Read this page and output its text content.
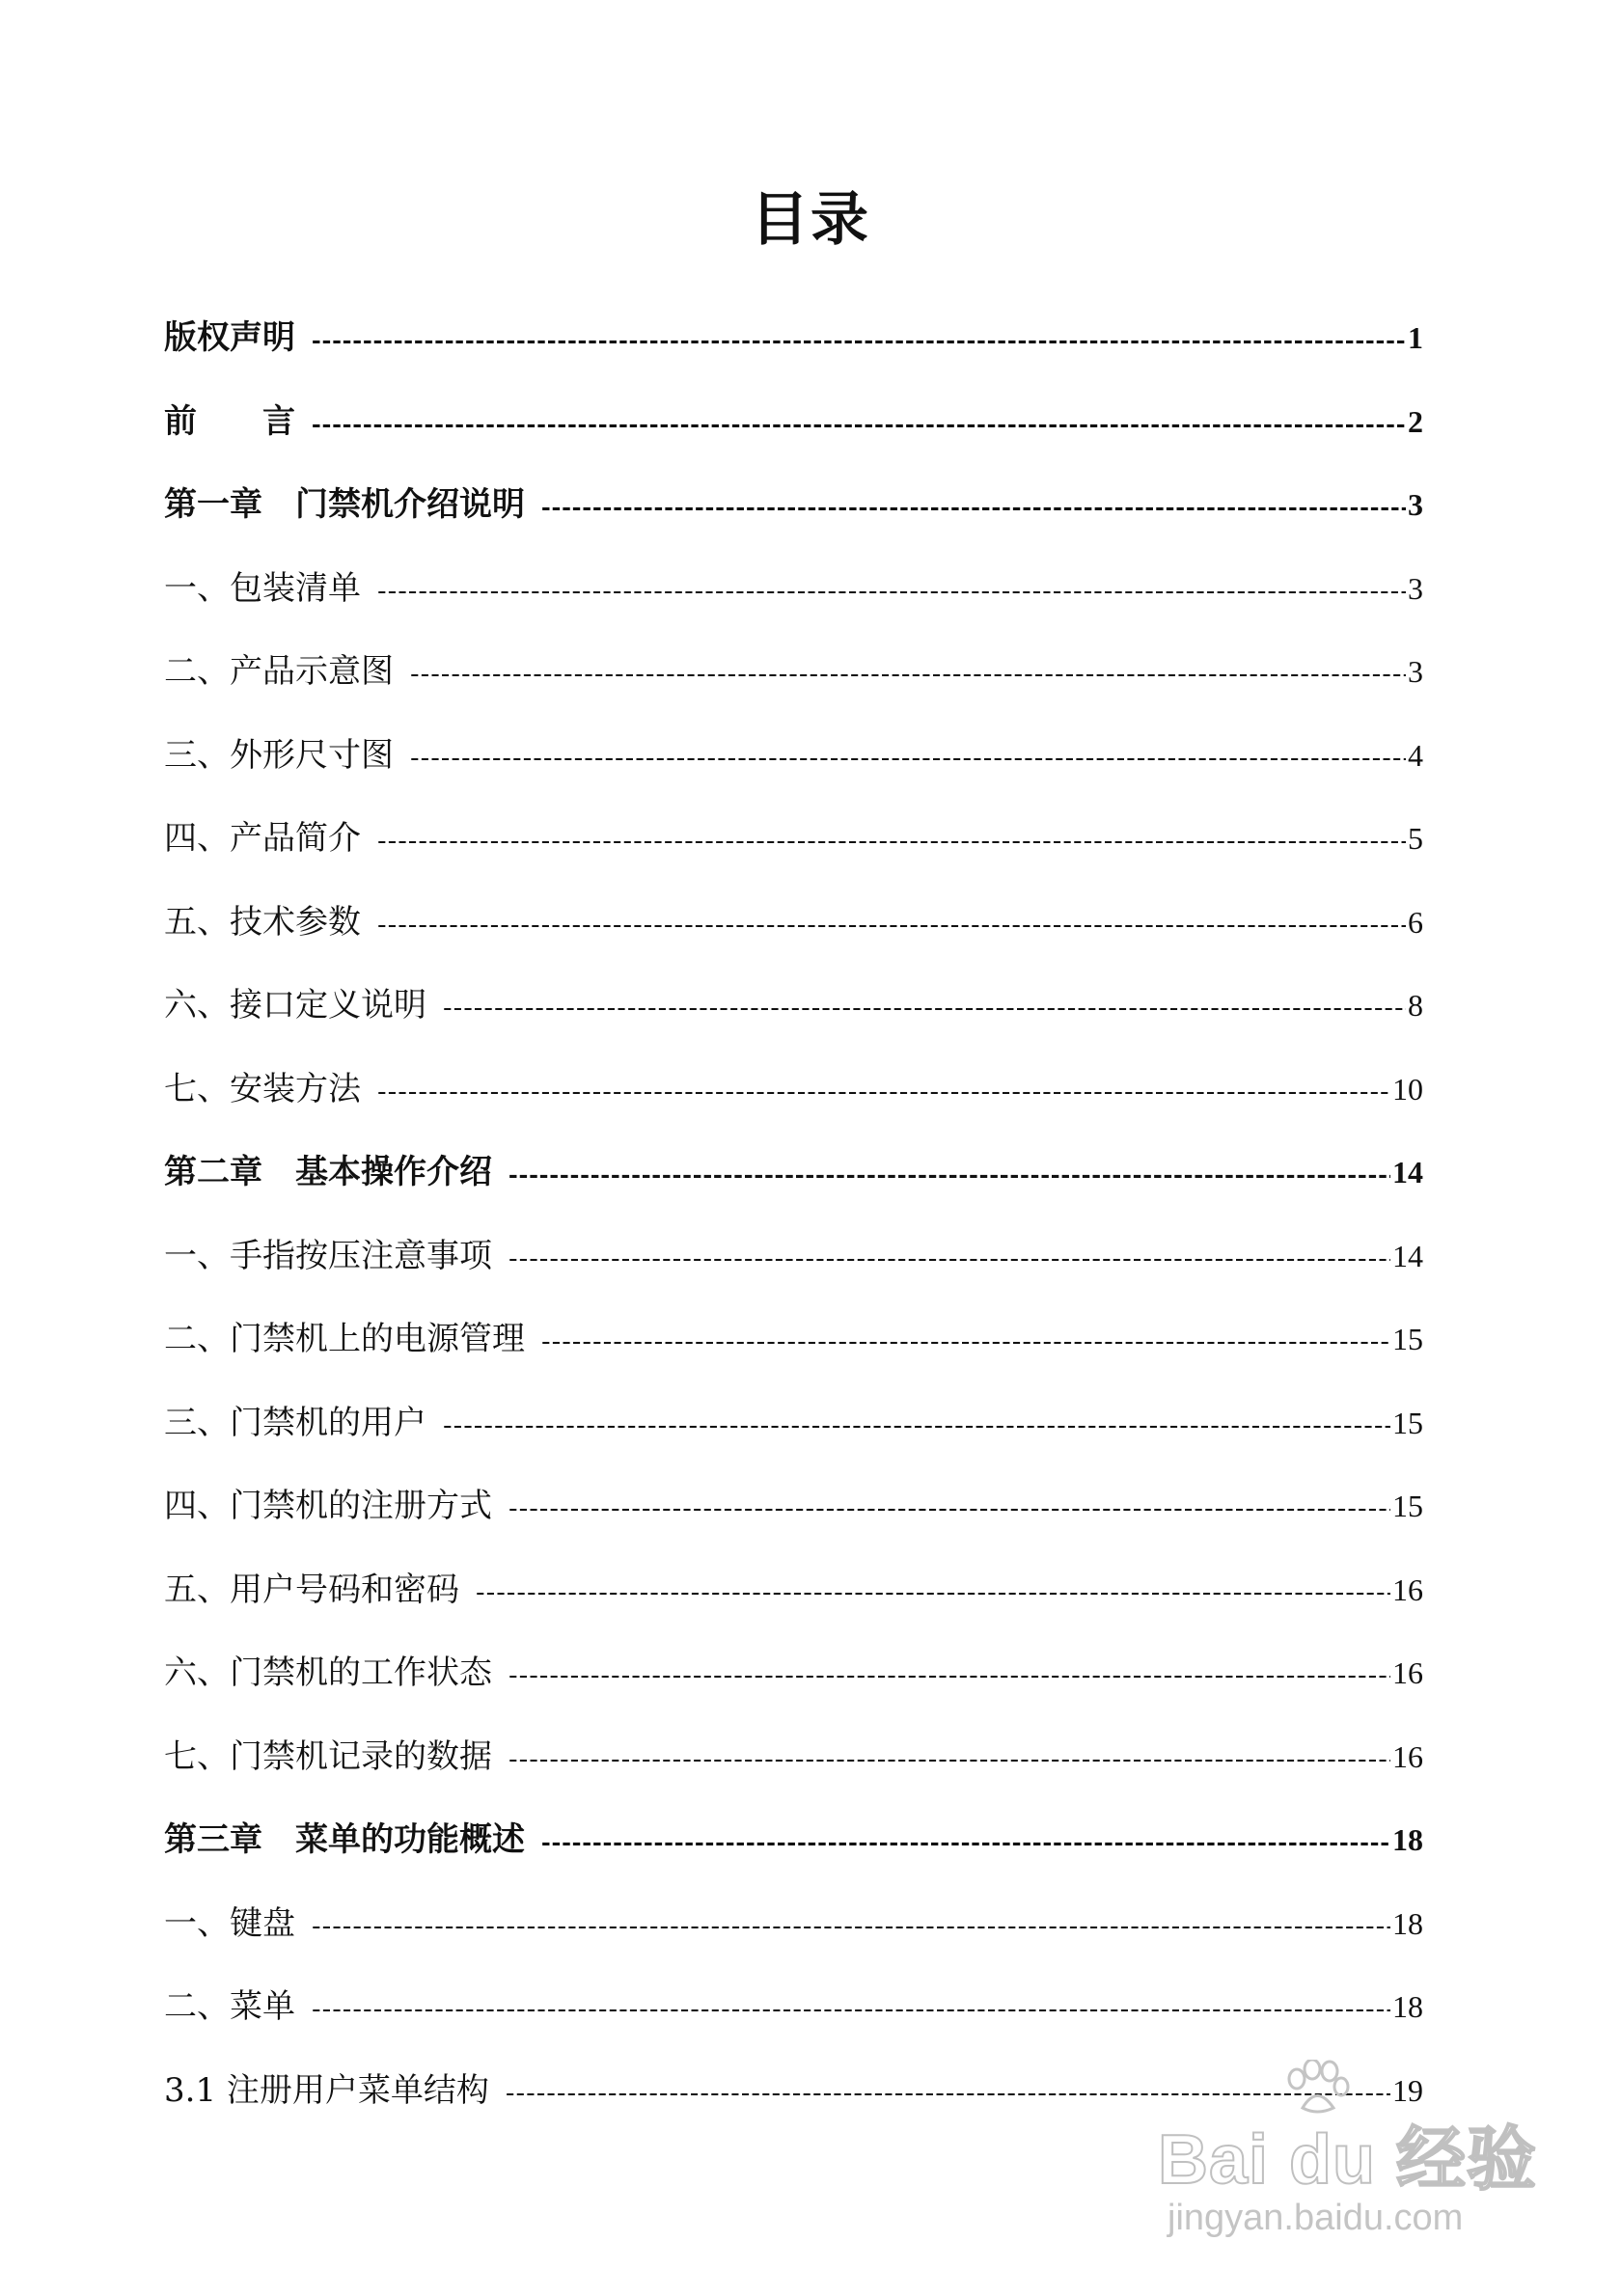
目录
版权声明 -----	1
前　　言 -----	2
第一章　门禁机介绍说明 -----	3
一、包装清单 -----	3
二、产品示意图 -----	3
三、外形尺寸图 -----	4
四、产品简介 -----	5
五、技术参数 -----	6
六、接口定义说明 -----	8
七、安装方法 -----	10
第二章　基本操作介绍 -----	14
一、手指按压注意事项 -----	14
二、门禁机上的电源管理 -----	15
三、门禁机的用户 -----	15
四、门禁机的注册方式 -----	15
五、用户号码和密码 -----	16
六、门禁机的工作状态 -----	16
七、门禁机记录的数据 -----	16
第三章　菜单的功能概述 -----	18
一、键盘 -----	18
二、菜单 -----	18
3.1 注册用户菜单结构 -----	19
Bai du 经验
jingyan.baidu.com
